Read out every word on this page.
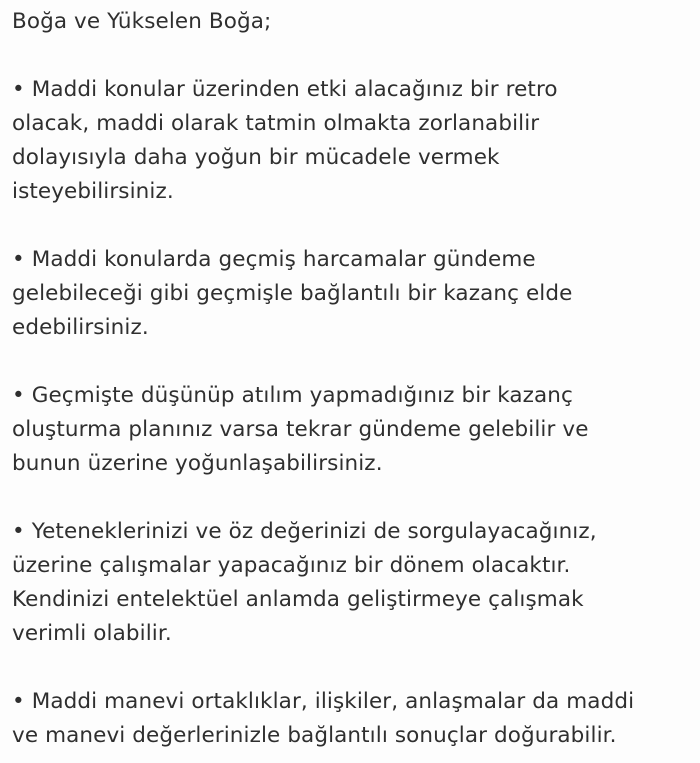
Boğa ve Yükselen Boğa;
• Maddi konular üzerinden etki alacağınız bir retro
olacak, maddi olarak tatmin olmakta zorlanabilir
dolayısıyla daha yoğun bir mücadele vermek
isteyebilirsiniz.
• Maddi konularda geçmiş harcamalar gündeme
gelebileceği gibi geçmişle bağlantılı bir kazanç elde
edebilirsiniz.
• Geçmişte düşünüp atılım yapmadığınız bir kazanç
oluşturma planınız varsa tekrar gündeme gelebilir ve
bunun üzerine yoğunlaşabilirsiniz.
• Yeteneklerinizi ve öz değerinizi de sorgulayacağınız,
üzerine çalışmalar yapacağınız bir dönem olacaktır.
Kendinizi entelektüel anlamda geliştirmeye çalışmak
verimli olabilir.
• Maddi manevi ortaklıklar, ilişkiler, anlaşmalar da maddi
ve manevi değerlerinizle bağlantılı sonuçlar doğurabilir.
